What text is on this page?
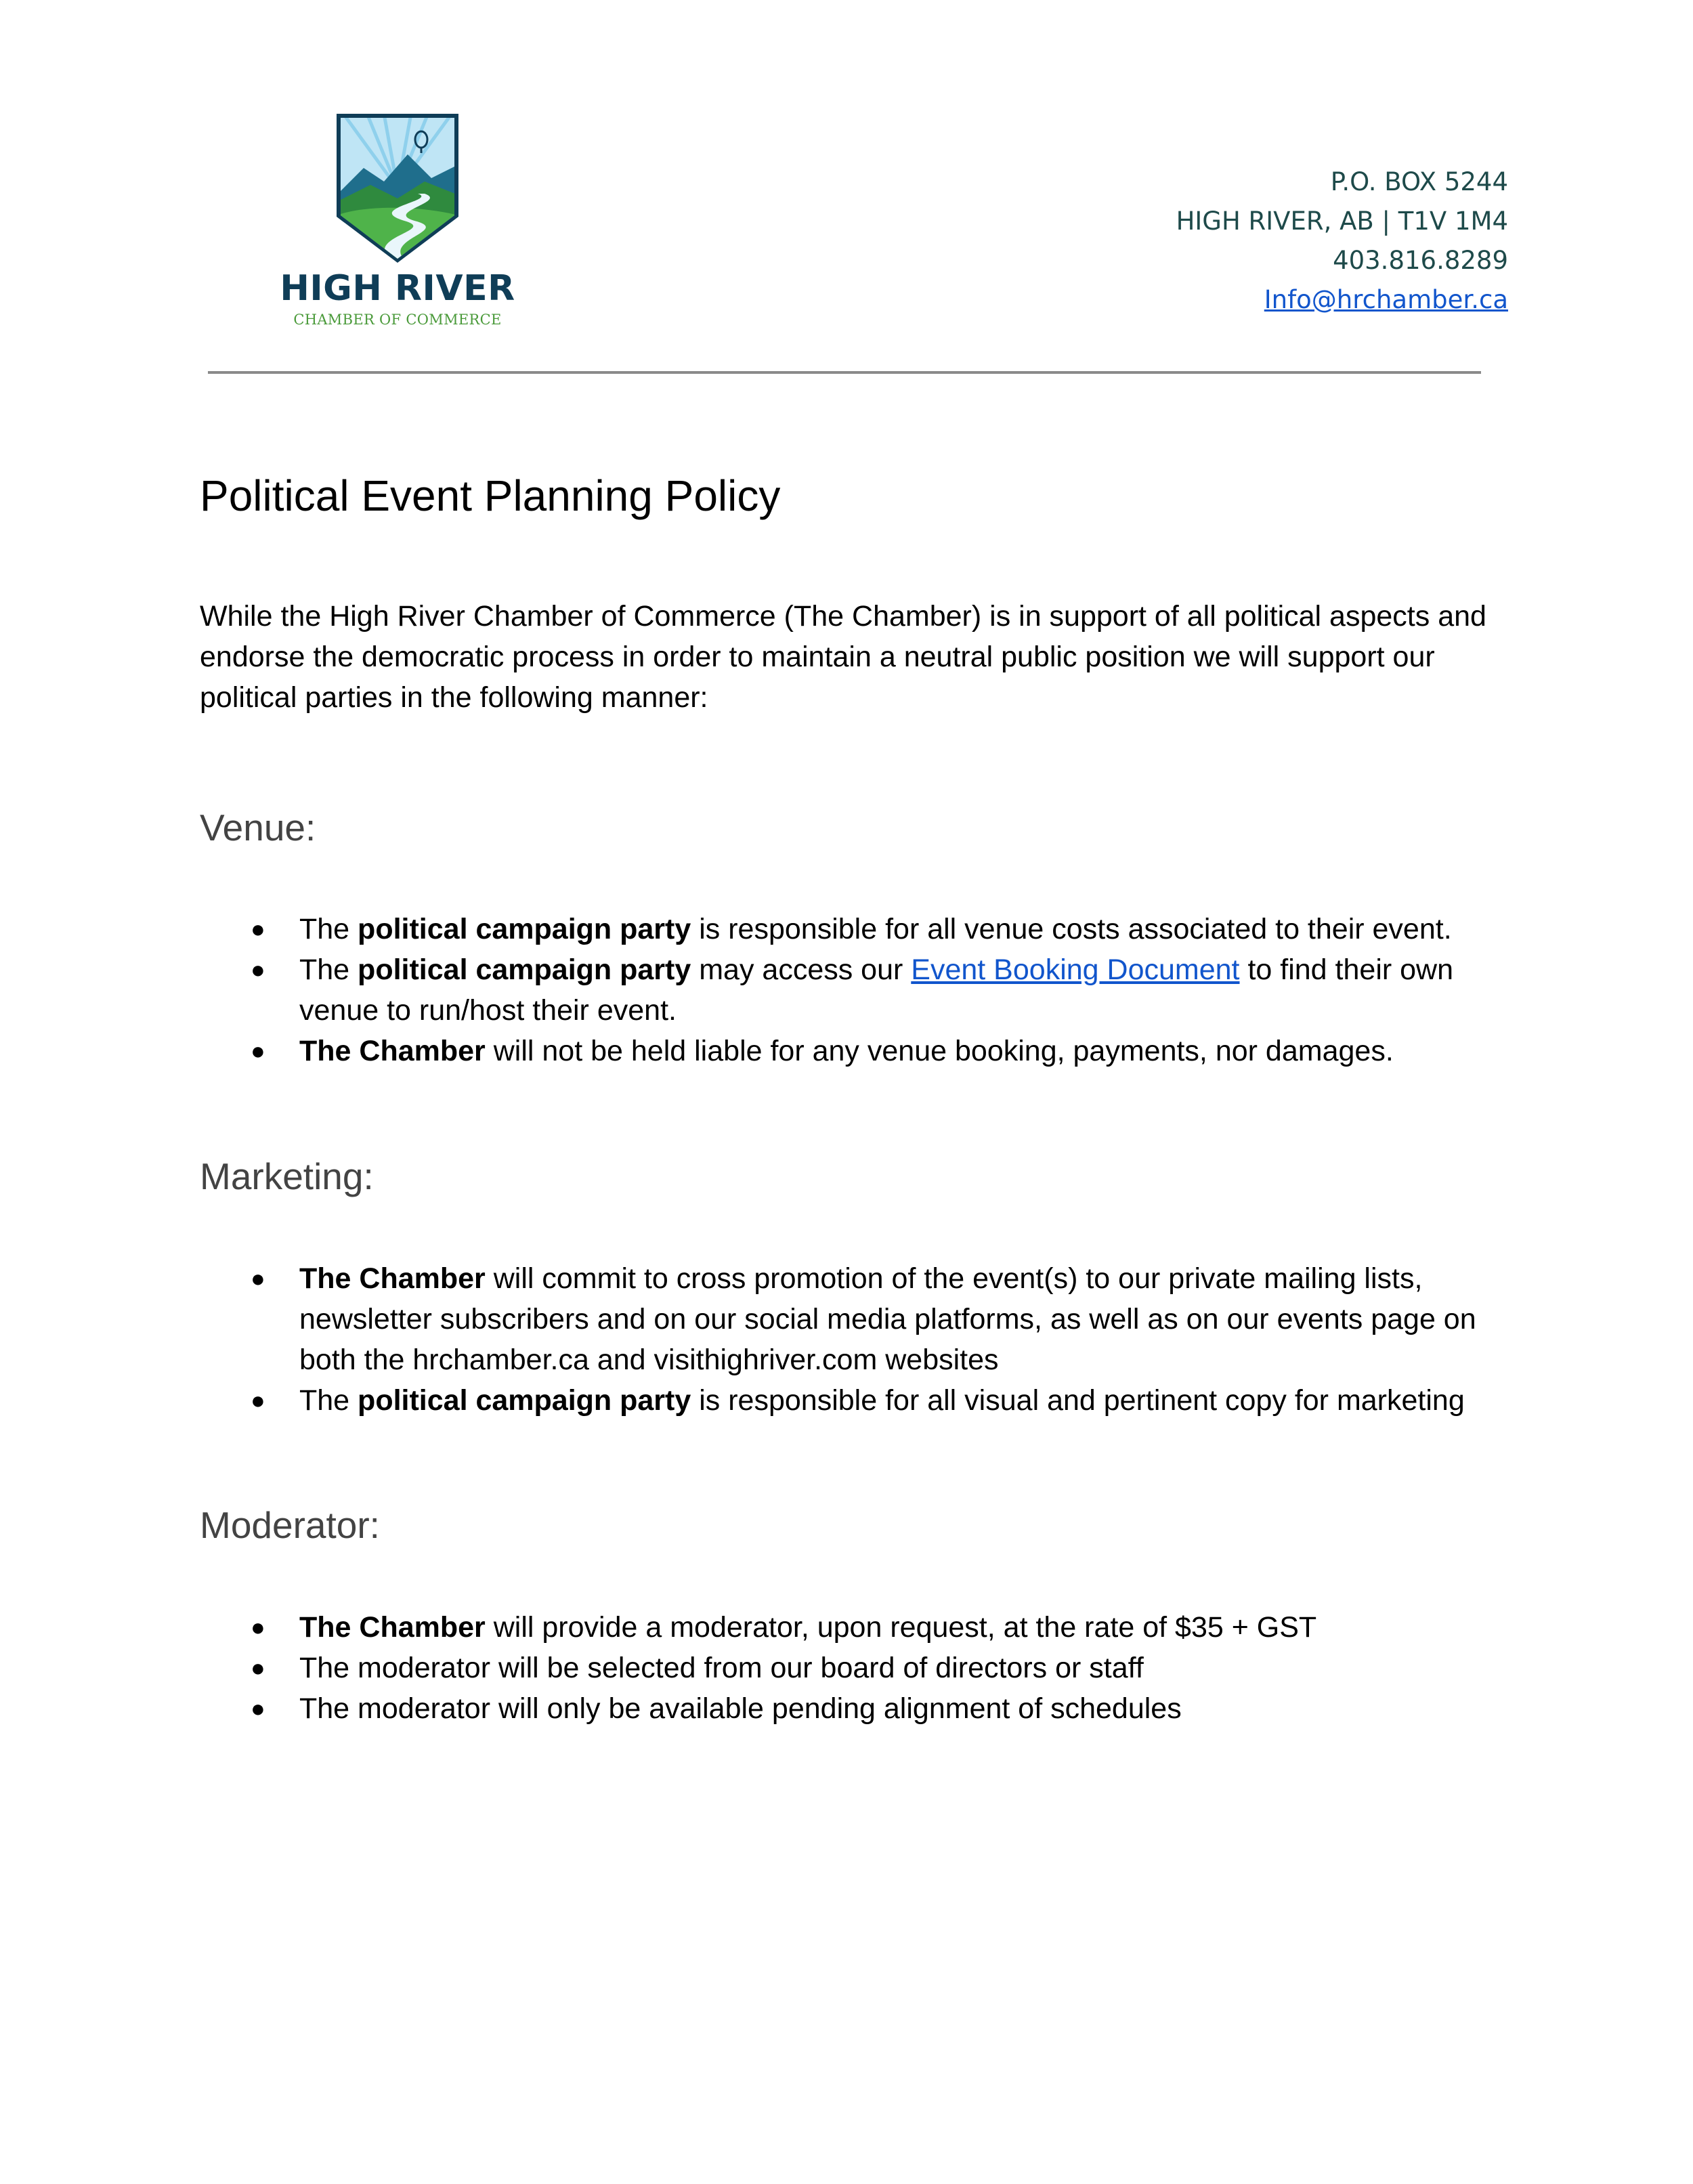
HIGH RIVER
CHAMBER OF COMMERCE
P.O. BOX 5244
HIGH RIVER, AB | T1V 1M4
403.816.8289
Info@hrchamber.ca
Political Event Planning Policy

While the High River Chamber of Commerce (The Chamber) is in support of all political aspects and endorse the democratic process in order to maintain a neutral public position we will support our political parties in the following manner:

Venue:
● The political campaign party is responsible for all venue costs associated to their event.
● The political campaign party may access our Event Booking Document to find their own venue to run/host their event.
● The Chamber will not be held liable for any venue booking, payments, nor damages.
Marketing:
● The Chamber will commit to cross promotion of the event(s) to our private mailing lists, newsletter subscribers and on our social media platforms, as well as on our events page on both the hrchamber.ca and visithighriver.com websites
● The political campaign party is responsible for all visual and pertinent copy for marketing
Moderator:
● The Chamber will provide a moderator, upon request, at the rate of $35 + GST
● The moderator will be selected from our board of directors or staff
● The moderator will only be available pending alignment of schedules
